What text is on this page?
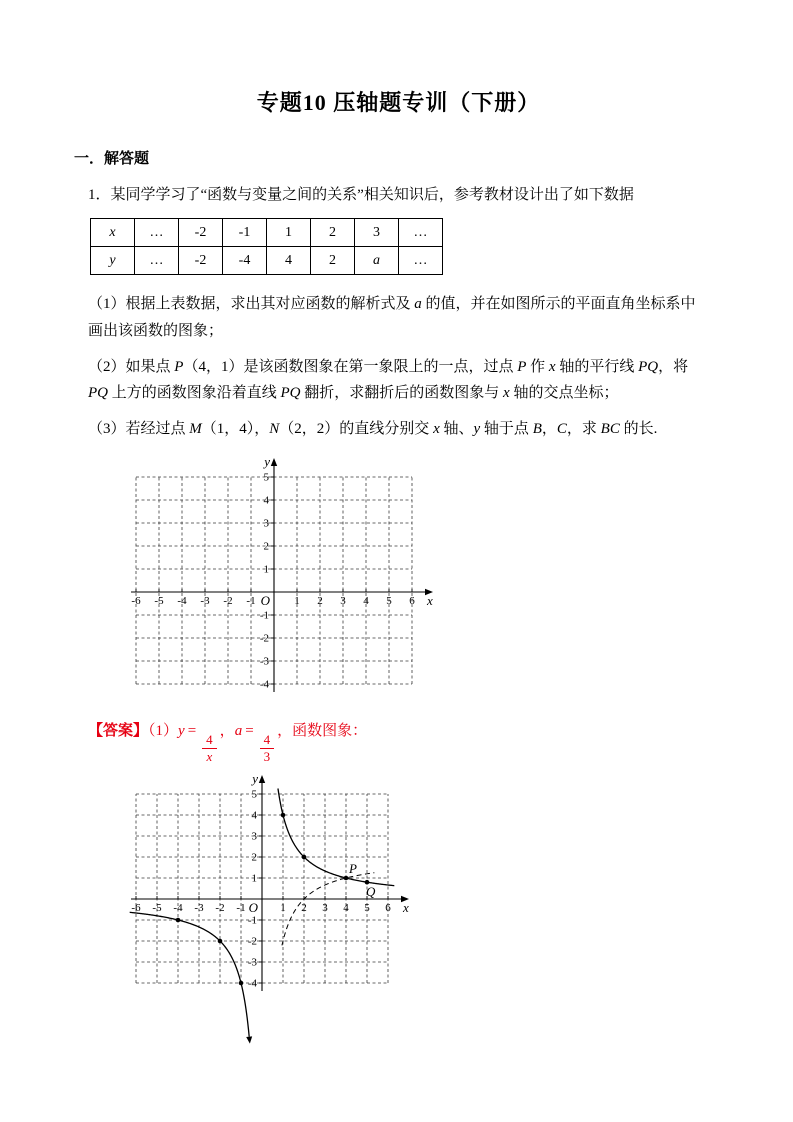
专题10 压轴题专训（下册）
一．解答题

1．某同学学习了“函数与变量之间的关系”相关知识后，参考教材设计出了如下数据

x	…	-2	-1	1	2	3	…
y	…	-2	-4	4	2	a	…

（1）根据上表数据，求出其对应函数的解析式及 a 的值，并在如图所示的平面直角坐标系中画出该函数的图象；

（2）如果点 P（4，1）是该函数图象在第一象限上的一点，过点 P 作 x 轴的平行线 PQ，将 PQ 上方的函数图象沿着直线 PQ 翻折，求翻折后的函数图象与 x 轴的交点坐标；

（3）若经过点 M（1，4），N（2，2）的直线分别交 x 轴、y 轴于点 B，C，求 BC 的长.

x
y
O
-6 -5 -4 -3 -2 -1	1 2 3 4 5 6
-4
-3
-2
-1
1
2
3
4
5
【答案】（1）y =
$\frac{4}{x}$
，a =
$\frac{4}{3}$
，函数图象：
x
y
O
-6 -5 -4 -3 -2 -1	1 2 3 4 5 6
-4
-3
-2
-1
1
2
3
4
5
P
Q
